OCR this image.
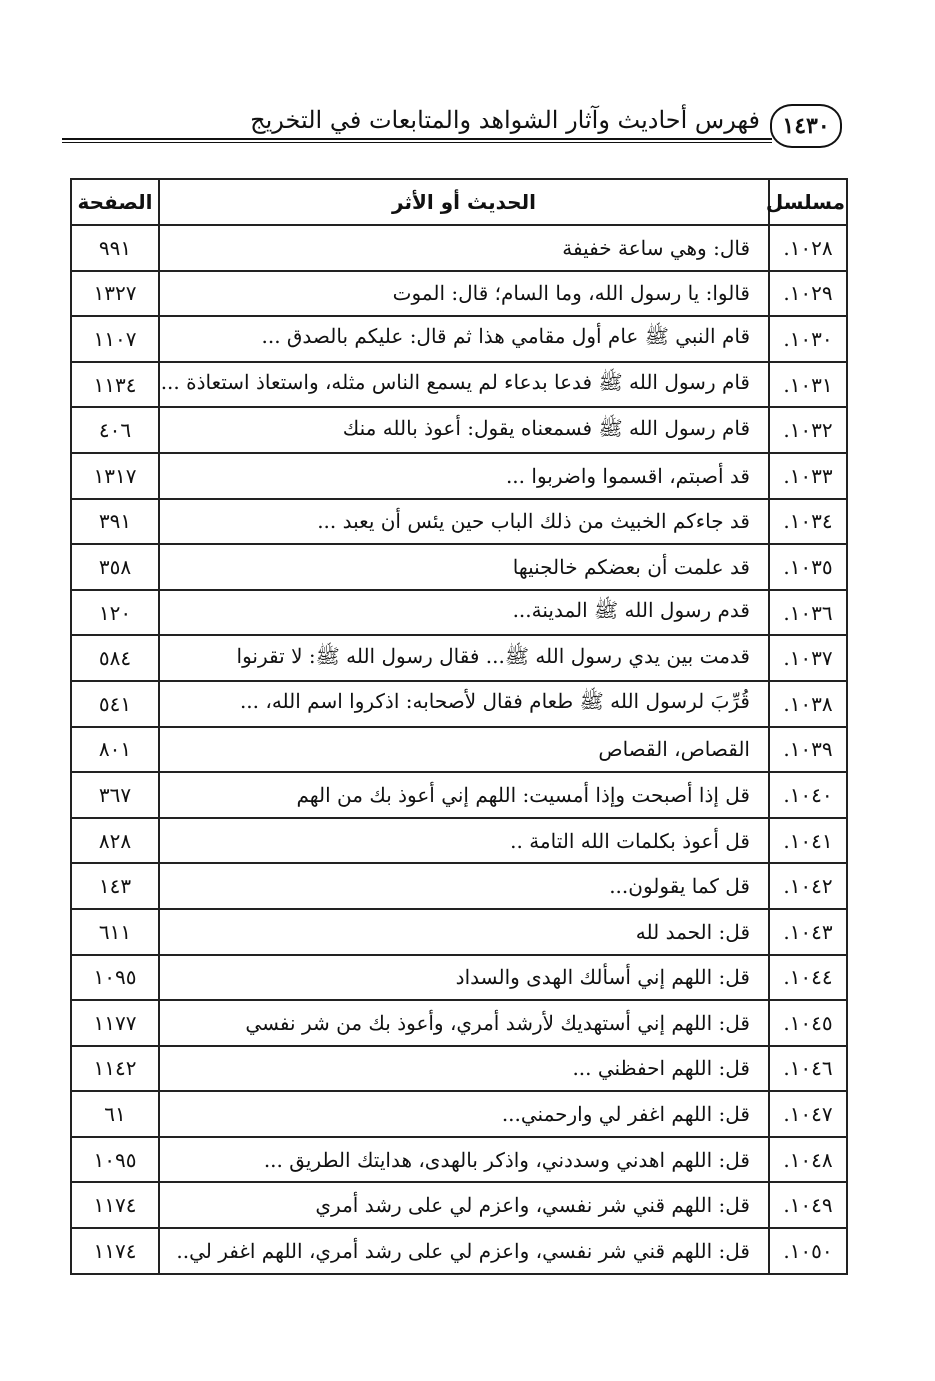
١٤٣٠
فهرس أحاديث وآثار الشواهد والمتابعات في التخريج
مسلسل	الحديث أو الأثر	الصفحة
١٠٢٨.	قال: وهي ساعة خفيفة	٩٩١
١٠٢٩.	قالوا: يا رسول الله، وما السام؛ قال: الموت	١٣٢٧
١٠٣٠.	قام النبي ﷺ عام أول مقامي هذا ثم قال: عليكم بالصدق ...	١١٠٧
١٠٣١.	قام رسول الله ﷺ فدعا بدعاء لم يسمع الناس مثله، واستعاذ استعاذة ...	١١٣٤
١٠٣٢.	قام رسول الله ﷺ فسمعناه يقول: أعوذ بالله منك	٤٠٦
١٠٣٣.	قد أصبتم، اقسموا واضربوا ...	١٣١٧
١٠٣٤.	قد جاءكم الخبيث من ذلك الباب حين يئس أن يعبد ...	٣٩١
١٠٣٥.	قد علمت أن بعضكم خالجنيها	٣٥٨
١٠٣٦.	قدم رسول الله ﷺ المدينة...	١٢٠
١٠٣٧.	قدمت بين يدي رسول الله ﷺ... فقال رسول الله ﷺ: لا تقرنوا	٥٨٤
١٠٣٨.	قُرِّبَ لرسول الله ﷺ طعام فقال لأصحابه: اذكروا اسم الله، ...	٥٤١
١٠٣٩.	القصاص، القصاص	٨٠١
١٠٤٠.	قل إذا أصبحت وإذا أمسيت: اللهم إني أعوذ بك من الهم	٣٦٧
١٠٤١.	قل أعوذ بكلمات الله التامة ..	٨٢٨
١٠٤٢.	قل كما يقولون...	١٤٣
١٠٤٣.	قل: الحمد لله	٦١١
١٠٤٤.	قل: اللهم إني أسألك الهدى والسداد	١٠٩٥
١٠٤٥.	قل: اللهم إني أستهديك لأرشد أمري، وأعوذ بك من شر نفسي	١١٧٧
١٠٤٦.	قل: اللهم احفظني ...	١١٤٢
١٠٤٧.	قل: اللهم اغفر لي وارحمني...	٦١
١٠٤٨.	قل: اللهم اهدني وسددني، واذكر بالهدى، هدايتك الطريق ...	١٠٩٥
١٠٤٩.	قل: اللهم قني شر نفسي، واعزم لي على رشد أمري	١١٧٤
١٠٥٠.	قل: اللهم قني شر نفسي، واعزم لي على رشد أمري، اللهم اغفر لي..	١١٧٤
